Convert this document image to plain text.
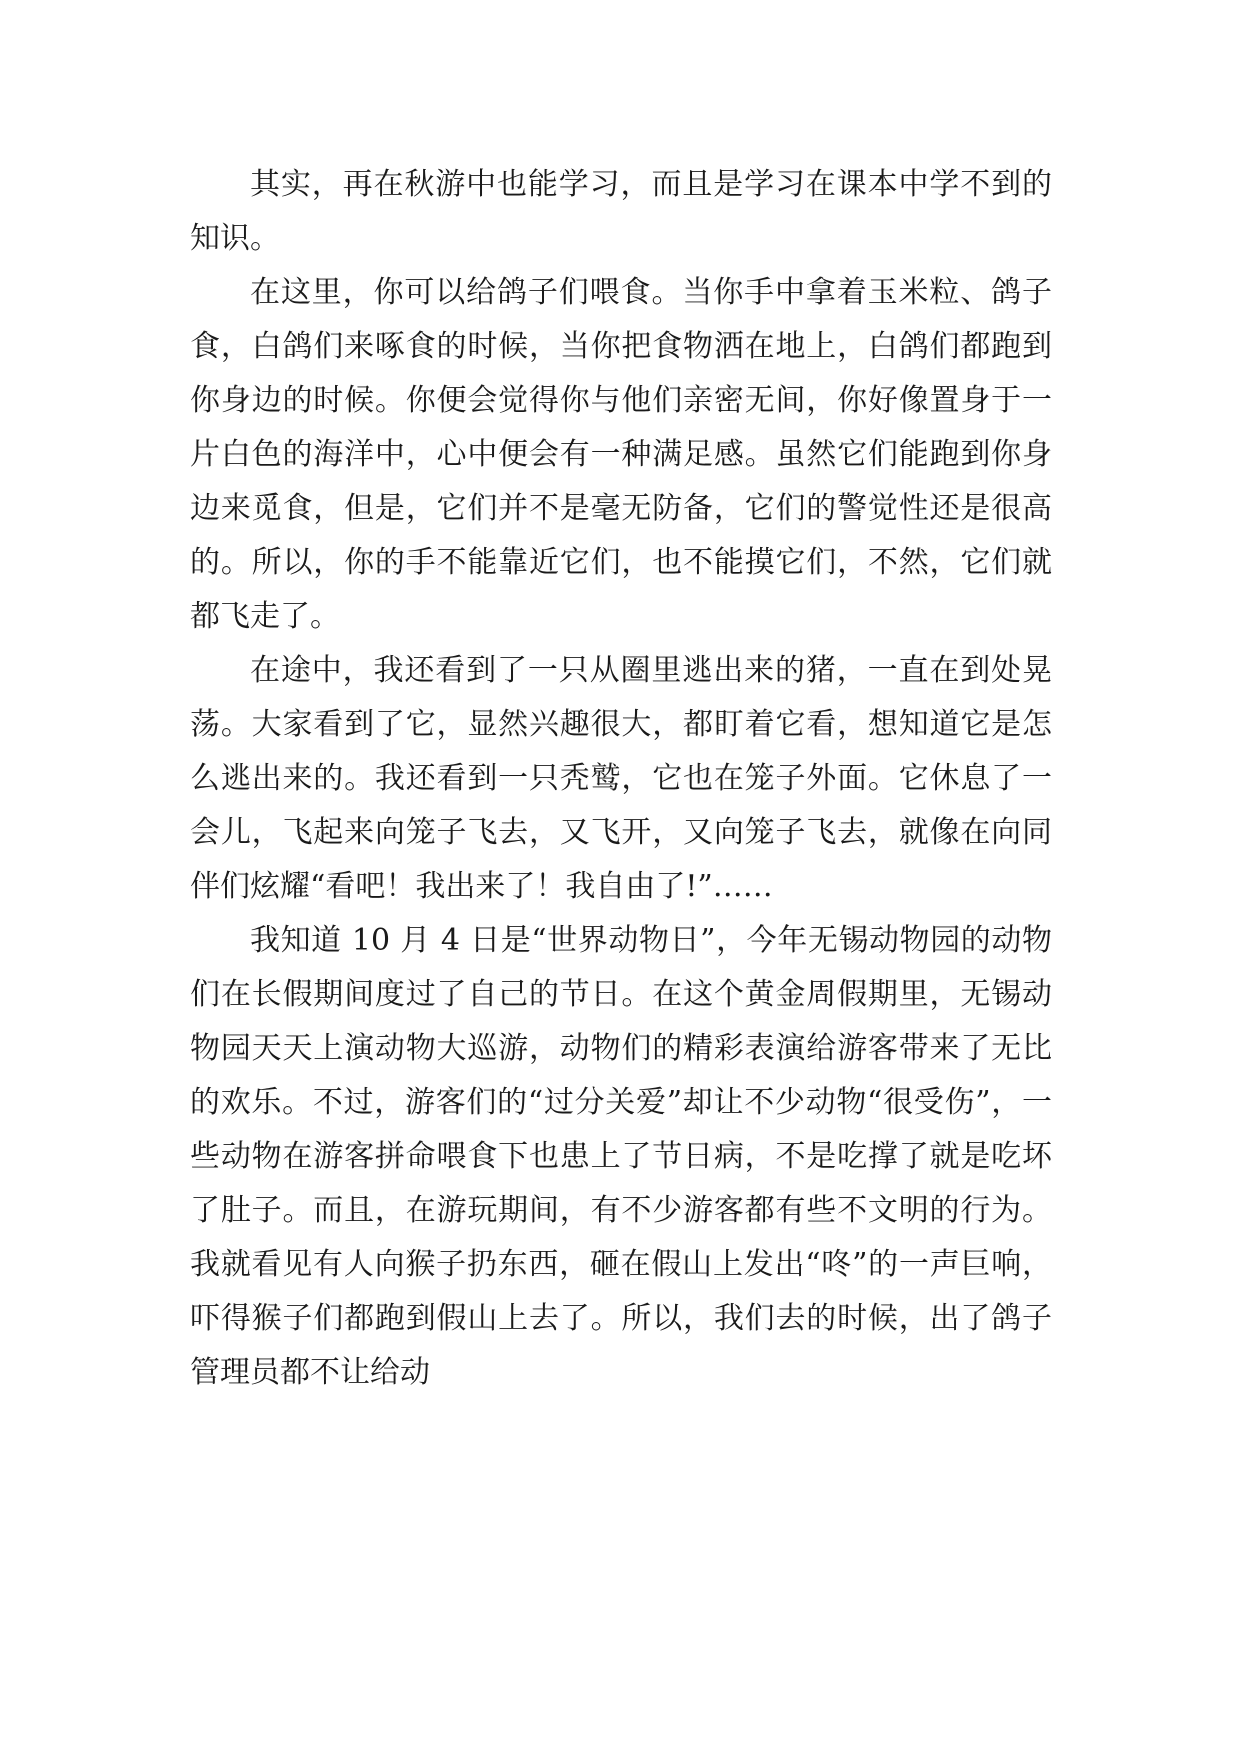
其实，再在秋游中也能学习，而且是学习在课本中学不到的知识。

在这里，你可以给鸽子们喂食。当你手中拿着玉米粒、鸽子食，白鸽们来啄食的时候，当你把食物洒在地上，白鸽们都跑到你身边的时候。你便会觉得你与他们亲密无间，你好像置身于一片白色的海洋中，心中便会有一种满足感。虽然它们能跑到你身边来觅食，但是，它们并不是毫无防备，它们的警觉性还是很高的。所以，你的手不能靠近它们，也不能摸它们，不然，它们就都飞走了。

在途中，我还看到了一只从圈里逃出来的猪，一直在到处晃荡。大家看到了它，显然兴趣很大，都盯着它看，想知道它是怎么逃出来的。我还看到一只秃鹫，它也在笼子外面。它休息了一会儿，飞起来向笼子飞去，又飞开，又向笼子飞去，就像在向同伴们炫耀“看吧！我出来了！我自由了!”……

我知道 10 月 4 日是“世界动物日”，今年无锡动物园的动物们在长假期间度过了自己的节日。在这个黄金周假期里，无锡动物园天天上演动物大巡游，动物们的精彩表演给游客带来了无比的欢乐。不过，游客们的“过分关爱”却让不少动物“很受伤”，一些动物在游客拼命喂食下也患上了节日病，不是吃撑了就是吃坏了肚子。而且，在游玩期间，有不少游客都有些不文明的行为。我就看见有人向猴子扔东西，砸在假山上发出“咚”的一声巨响，吓得猴子们都跑到假山上去了。所以，我们去的时候，出了鸽子管理员都不让给动
